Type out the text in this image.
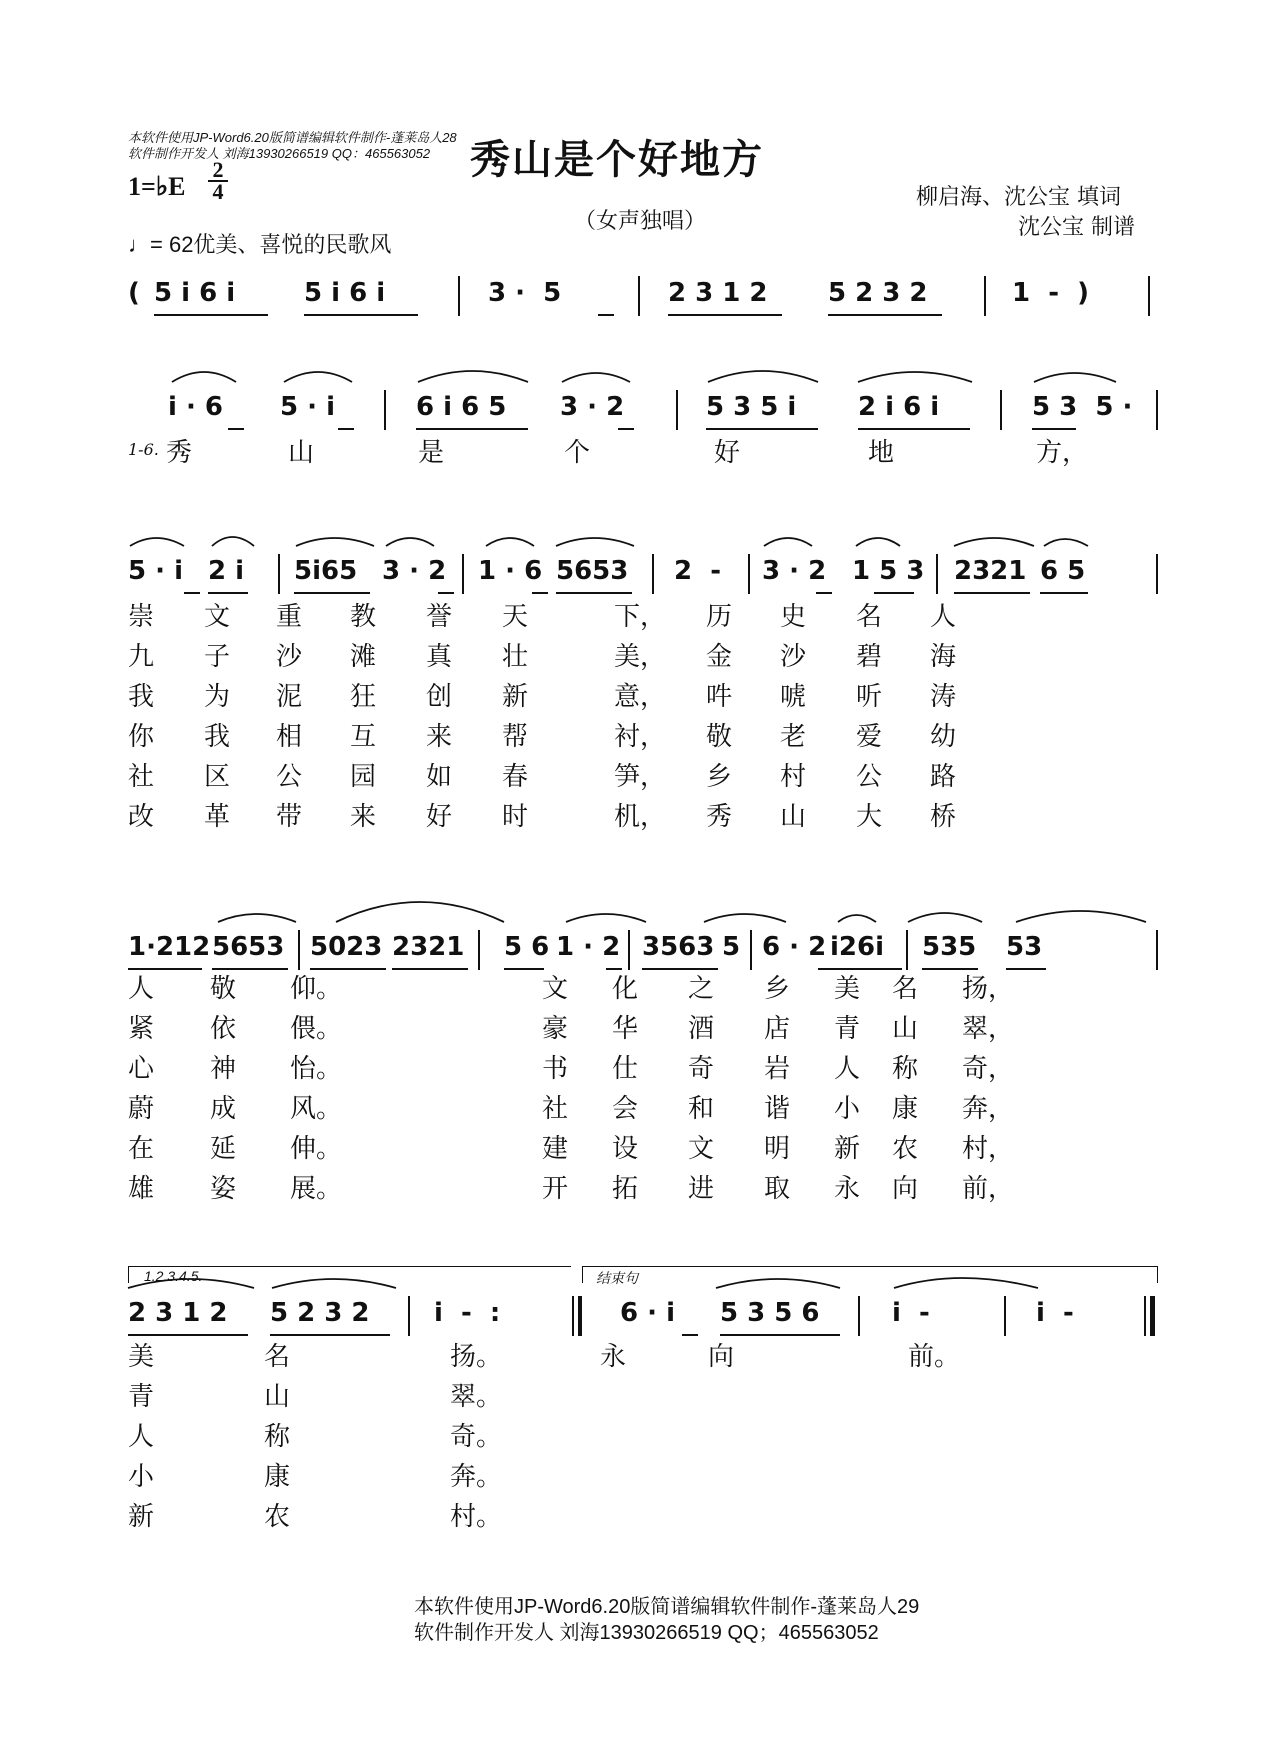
本软件使用JP-Word6.20版简谱编辑软件制作-蓬莱岛人28
软件制作开发人 刘海13930266519 QQ：465563052 秀山是个好地方
（女声独唱）
1=♭E
2
4
♩= 62优美、喜悦的民歌风
柳启海、沈公宝 填词
沈公宝 制谱
( 5 i 6 i	5 i 6 i	3 ·  5	2 3 1 2 5 2 3 2	1  -  )
i · 6 5 · i	6 i 6 5 3 · 2	5 3 5 i 2 i 6 i	5 3  5 ·
1-6. 秀	山	是	个	好	地	方，
5 · i 2 i 5i65 3 · 2 1 · 6 5653 2  - 3 · 2 1 5 3 2321 6 5
崇 文 重 教 誉 天	下， 历 史 名 人
九 子 沙 滩 真 壮	美， 金 沙 碧 海
我 为 泥 狂 创 新	意， 吽 唬 听 涛
你 我 相 互 来 帮	衬， 敬 老 爱 幼
社 区 公 园 如 春	笋， 乡 村 公 路
改 革 带 来 好 时	机， 秀 山 大 桥
1·212 5653 5023 2321 5 6 1 · 2 3563 5 6 · 2 i26i 535 53
人 敬 仰。	文 化 之 乡 美 名 扬，
紧 依 偎。	豪 华 酒 店 青 山 翠，
心 神 怡。	书 仕 奇 岩 人 称 奇，
蔚 成 风。	社 会 和 谐 小 康 奔，
在 延 伸。	建 设 文 明 新 农 村，
雄 姿 展。	开 拓 进 取 永 向 前，
1.2.3.4.5.	结束句
2 3 1 2 5 2 3 2 i  -  :	6 · i 5 3 5 6	i  -	i  -
美	名	扬。	永	向	前。
青	山	翠。
人	称	奇。
小	康	奔。
新	农	村。
本软件使用JP-Word6.20版简谱编辑软件制作-蓬莱岛人29
软件制作开发人 刘海13930266519 QQ；465563052
